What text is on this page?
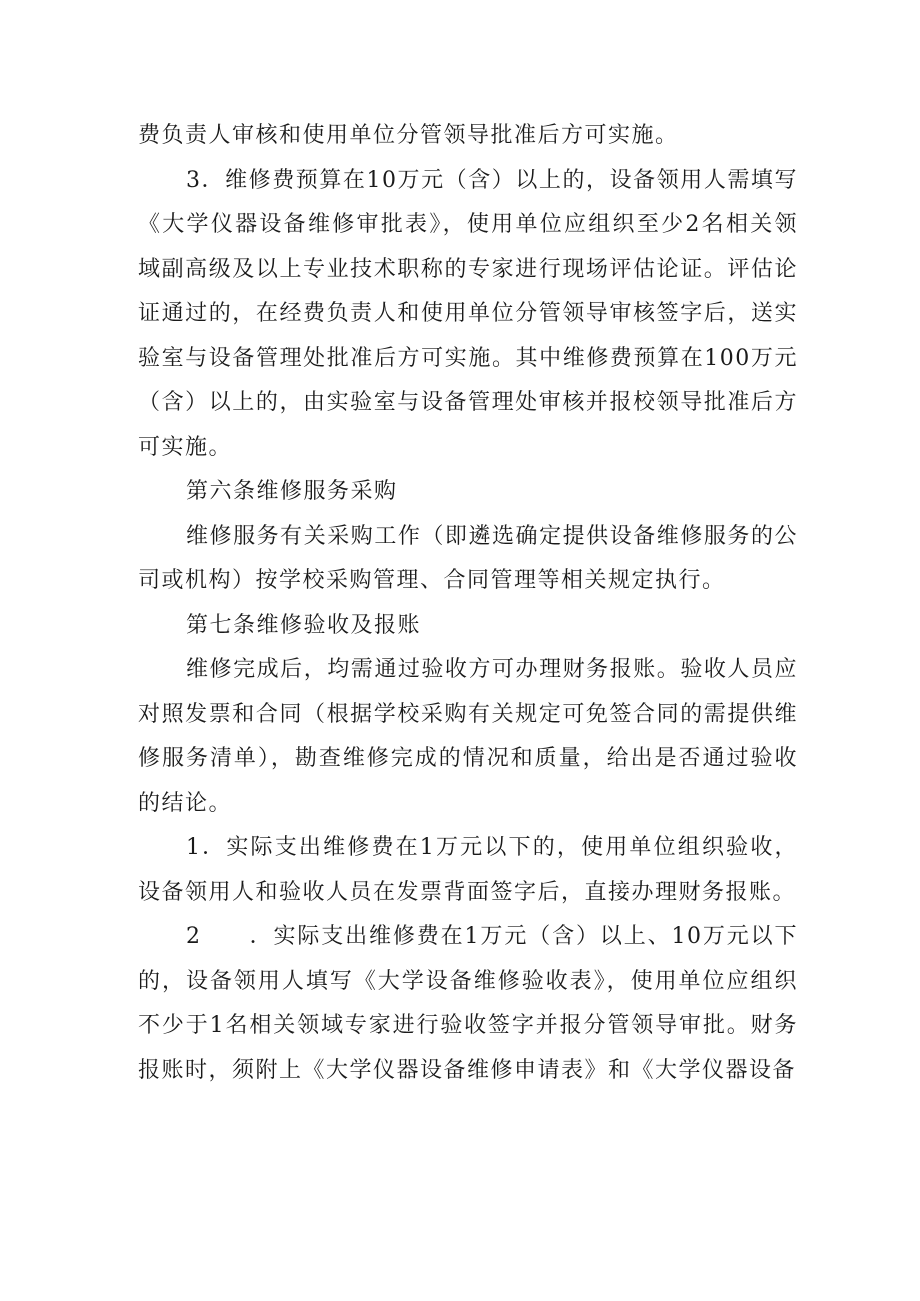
费负责人审核和使用单位分管领导批准后方可实施。

3．维修费预算在10万元（含）以上的，设备领用人需填写《大学仪器设备维修审批表》，使用单位应组织至少2名相关领域副高级及以上专业技术职称的专家进行现场评估论证。评估论证通过的，在经费负责人和使用单位分管领导审核签字后，送实验室与设备管理处批准后方可实施。其中维修费预算在100万元（含）以上的，由实验室与设备管理处审核并报校领导批准后方可实施。

第六条维修服务采购

维修服务有关采购工作（即遴选确定提供设备维修服务的公司或机构）按学校采购管理、合同管理等相关规定执行。

第七条维修验收及报账

维修完成后，均需通过验收方可办理财务报账。验收人员应对照发票和合同（根据学校采购有关规定可免签合同的需提供维修服务清单），勘查维修完成的情况和质量，给出是否通过验收的结论。

1．实际支出维修费在1万元以下的，使用单位组织验收，设备领用人和验收人员在发票背面签字后，直接办理财务报账。

2　　．实际支出维修费在1万元（含）以上、10万元以下的，设备领用人填写《大学设备维修验收表》，使用单位应组织不少于1名相关领域专家进行验收签字并报分管领导审批。财务报账时，须附上《大学仪器设备维修申请表》和《大学仪器设备
